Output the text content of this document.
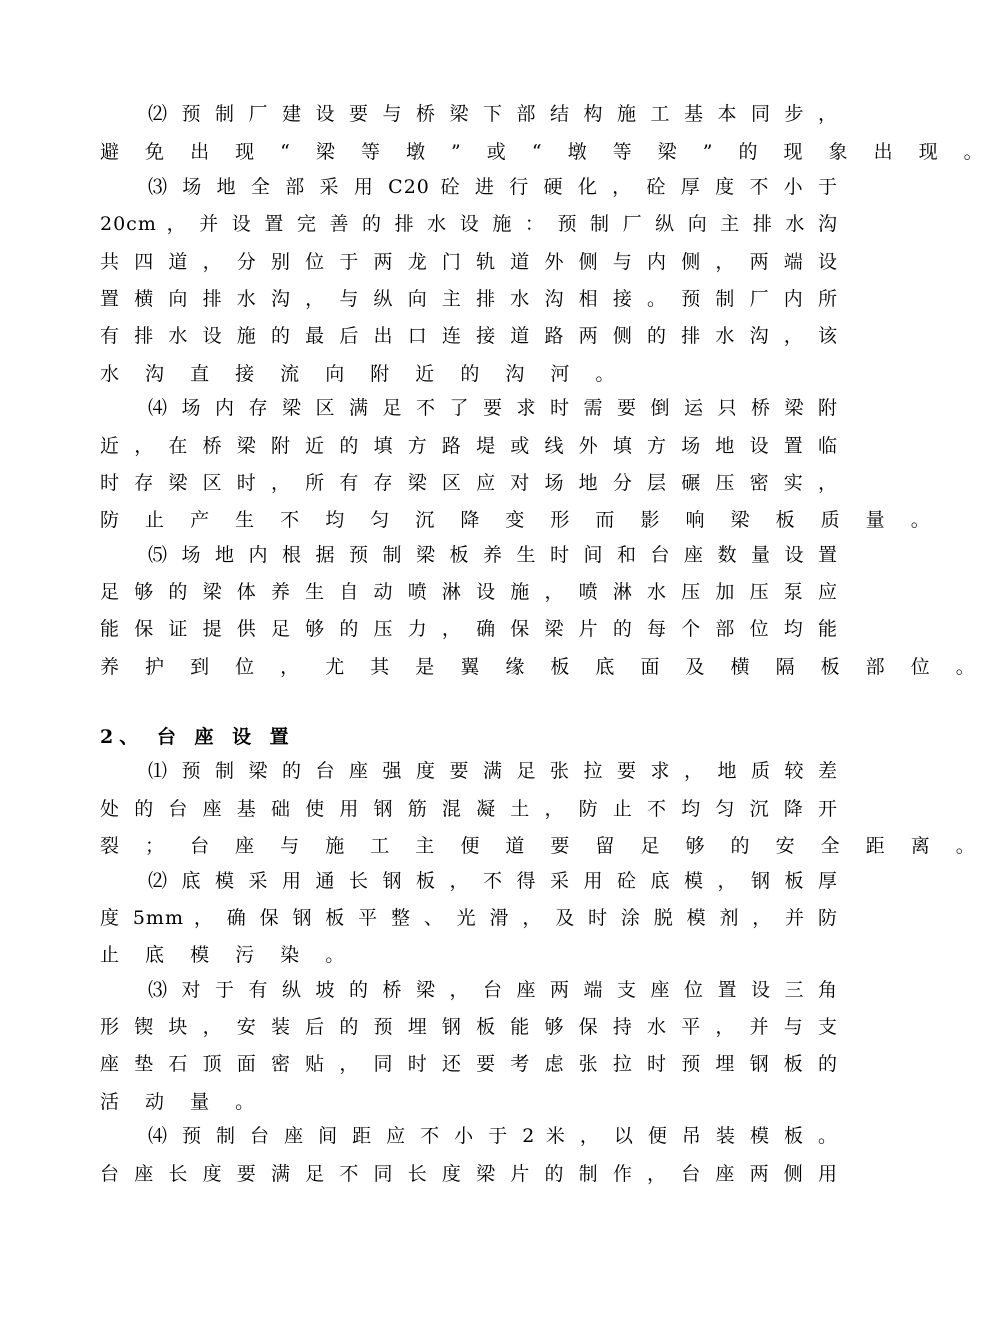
⑵ 预 制 厂 建 设 要 与 桥 梁 下 部 结 构 施 工 基 本 同 步 ，
避 免 出 现 “ 梁 等 墩 ” 或 “ 墩 等 梁 ” 的 现 象 出 现 。
⑶ 场 地 全 部 采 用 C20 砼 进 行 硬 化 ， 砼 厚 度 不 小 于
20cm ， 并 设 置 完 善 的 排 水 设 施 ： 预 制 厂 纵 向 主 排 水 沟
共 四 道 ， 分 别 位 于 两 龙 门 轨 道 外 侧 与 内 侧 ， 两 端 设
置 横 向 排 水 沟 ， 与 纵 向 主 排 水 沟 相 接 。 预 制 厂 内 所
有 排 水 设 施 的 最 后 出 口 连 接 道 路 两 侧 的 排 水 沟 ， 该
水 沟 直 接 流 向 附 近 的 沟 河 。
⑷ 场 内 存 梁 区 满 足 不 了 要 求 时 需 要 倒 运 只 桥 梁 附
近 ， 在 桥 梁 附 近 的 填 方 路 堤 或 线 外 填 方 场 地 设 置 临
时 存 梁 区 时 ， 所 有 存 梁 区 应 对 场 地 分 层 碾 压 密 实 ，
防 止 产 生 不 均 匀 沉 降 变 形 而 影 响 梁 板 质 量 。
⑸ 场 地 内 根 据 预 制 梁 板 养 生 时 间 和 台 座 数 量 设 置
足 够 的 梁 体 养 生 自 动 喷 淋 设 施 ， 喷 淋 水 压 加 压 泵 应
能 保 证 提 供 足 够 的 压 力 ， 确 保 梁 片 的 每 个 部 位 均 能
养 护 到 位 ， 尤 其 是 翼 缘 板 底 面 及 横 隔 板 部 位 。
2、 台 座 设 置
⑴ 预 制 梁 的 台 座 强 度 要 满 足 张 拉 要 求 ， 地 质 较 差
处 的 台 座 基 础 使 用 钢 筋 混 凝 土 ， 防 止 不 均 匀 沉 降 开
裂 ； 台 座 与 施 工 主 便 道 要 留 足 够 的 安 全 距 离 。
⑵ 底 模 采 用 通 长 钢 板 ， 不 得 采 用 砼 底 模 ， 钢 板 厚
度 5mm ， 确 保 钢 板 平 整 、 光 滑 ， 及 时 涂 脱 模 剂 ， 并 防
止 底 模 污 染 。
⑶ 对 于 有 纵 坡 的 桥 梁 ， 台 座 两 端 支 座 位 置 设 三 角
形 锲 块 ， 安 装 后 的 预 埋 钢 板 能 够 保 持 水 平 ， 并 与 支
座 垫 石 顶 面 密 贴 ， 同 时 还 要 考 虑 张 拉 时 预 埋 钢 板 的
活 动 量 。
⑷ 预 制 台 座 间 距 应 不 小 于 2 米 ， 以 便 吊 装 模 板 。
台 座 长 度 要 满 足 不 同 长 度 梁 片 的 制 作 ， 台 座 两 侧 用
